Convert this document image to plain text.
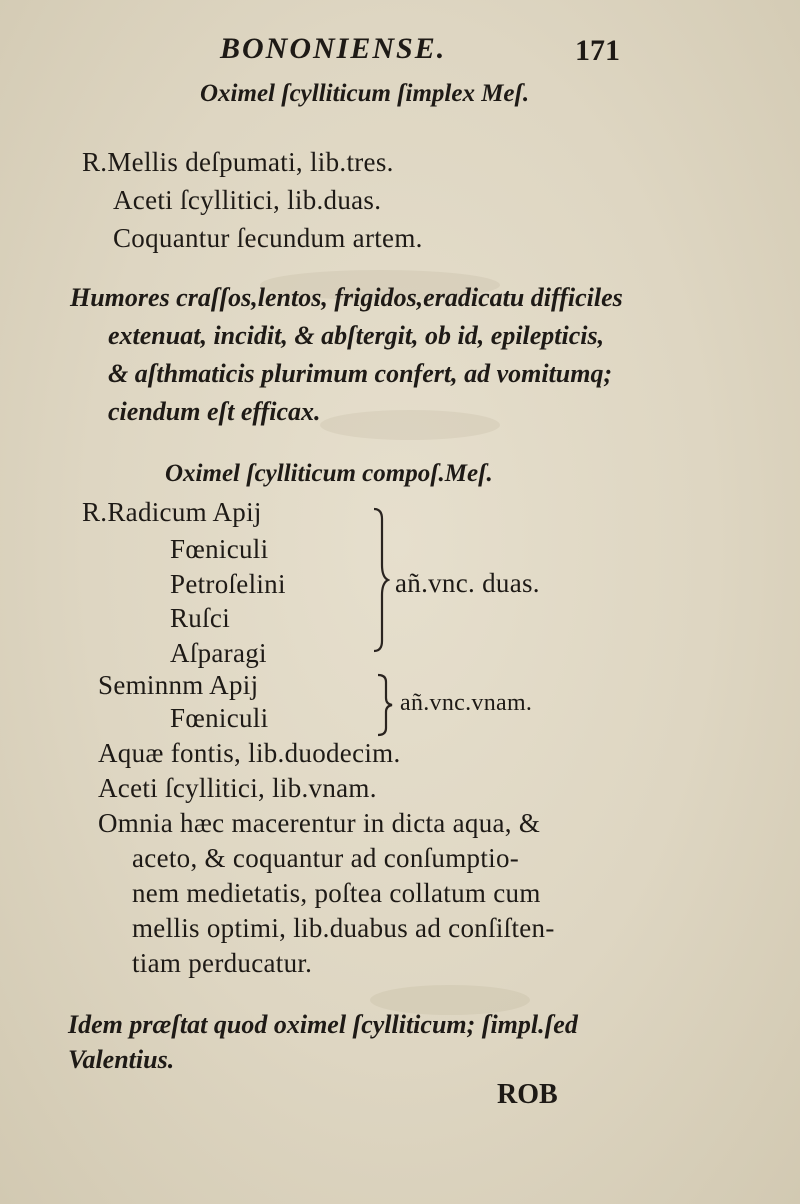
BONONIENSE.	171
Oximel ſcylliticum ſimplex Meſ.
R.Mellis deſpumati, lib.tres.
Aceti ſcyllitici, lib.duas.
Coquantur ſecundum artem.
Humores craſſos,lentos, frigidos,eradicatu difficiles
extenuat, incidit, & abſtergit, ob id, epilepticis,
& aſthmaticis plurimum confert, ad vomitumq;
ciendum eſt efficax.
Oximel ſcylliticum compoſ.Meſ.
R.Radicum Apij
Fœniculi
Petroſelini
Ruſci
Aſparagi
añ.vnc. duas.
Seminnm Apij
Fœniculi	añ.vnc.vnam.
Aquæ fontis, lib.duodecim.
Aceti ſcyllitici, lib.vnam.
Omnia hæc macerentur in dicta aqua, &
aceto, & coquantur ad conſumptio-
nem medietatis, poſtea collatum cum
mellis optimi, lib.duabus ad conſiſten-
tiam perducatur.
Idem præſtat quod oximel ſcylliticum; ſimpl.ſed
Valentius.
ROB
